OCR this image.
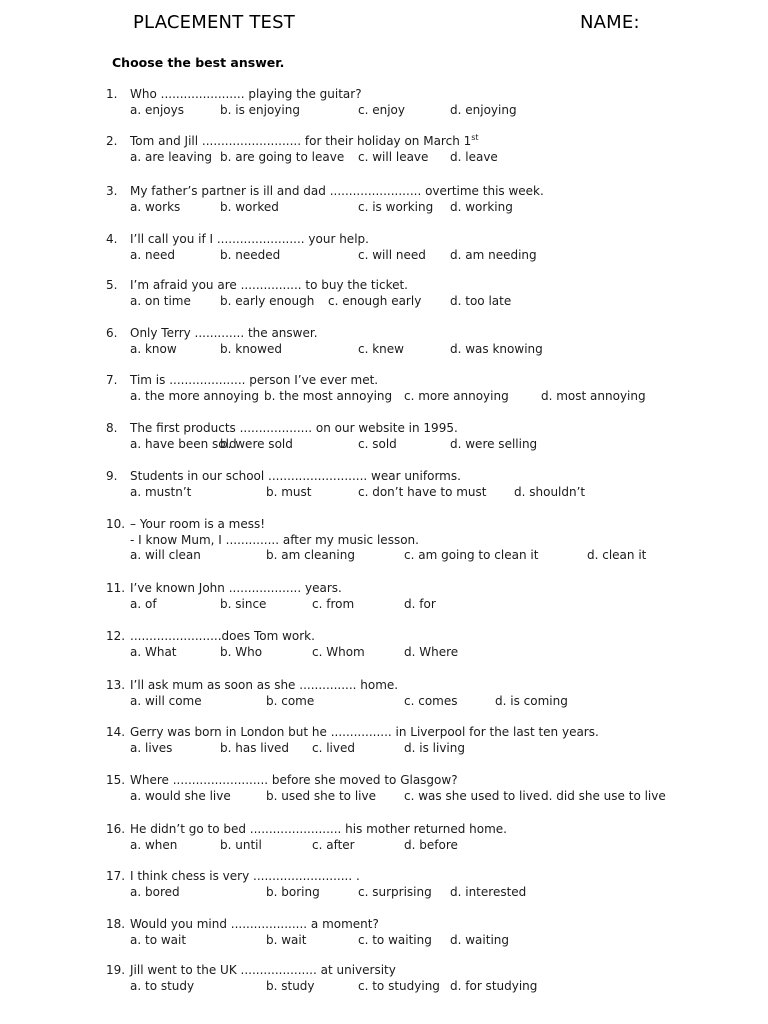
PLACEMENT TEST	NAME:
Choose the best answer.
1. Who ...................... playing the guitar?
a. enjoys	b. is enjoying	c. enjoy	d. enjoying
2. Tom and Jill .......................... for their holiday on March 1st
a. are leaving b. are going to leave c. will leave d. leave
3. My father’s partner is ill and dad ........................ overtime this week.
a. works	b. worked	c. is working d. working
4. I’ll call you if I ....................... your help.
a. need	b. needed	c. will need d. am needing
5. I’m afraid you are ................ to buy the ticket.
a. on time b. early enough c. enough early d. too late
6. Only Terry ............. the answer.
a. know	b. knowed	c. knew	d. was knowing
7. Tim is .................... person I’ve ever met.
a. the more annoying b. the most annoying c. more annoying	d. most annoying
8. The first products ................... on our website in 1995.
a. have been sold
b. were sold	c. sold	d. were selling
9. Students in our school .......................... wear uniforms.
a. mustn’t	b. must	c. don’t have to must d. shouldn’t
10. – Your room is a mess!
- I know Mum, I .............. after my music lesson.
a. will clean	b. am cleaning	c. am going to clean it	d. clean it
11. I’ve known John ................... years.
a. of	b. since	c. from	d. for
12. ........................does Tom work.
a. What	b. Who	c. Whom	d. Where
13. I’ll ask mum as soon as she ............... home.
a. will come	b. come	c. comes	d. is coming
14. Gerry was born in London but he ................ in Liverpool for the last ten years.
a. lives	b. has lived c. lived	d. is living
15. Where ......................... before she moved to Glasgow?
a. would she live	b. used she to live c. was she used to live d. did she use to live
16. He didn’t go to bed ........................ his mother returned home.
a. when	b. until	c. after	d. before
17. I think chess is very .......................... .
a. bored	b. boring	c. surprising d. interested
18. Would you mind .................... a moment?
a. to wait	b. wait	c. to waiting d. waiting
19. Jill went to the UK .................... at university
a. to study	b. study	c. to studying d. for studying
